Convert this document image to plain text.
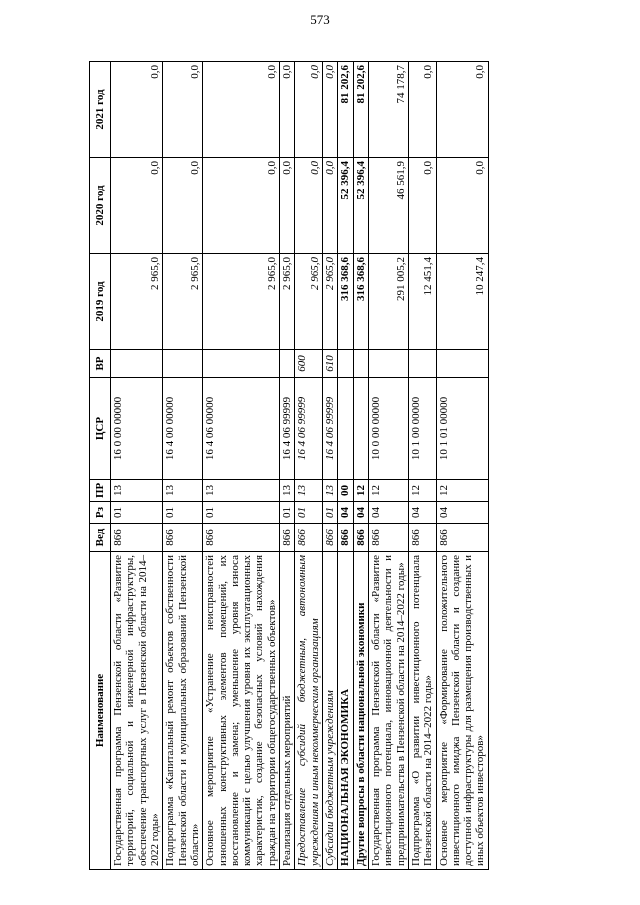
573
Наименование	Вед	Рз	ПР	ЦСР	ВР	2019 год	2020 год	2021 год
Государственная программа Пензенской области «Развитие территорий, социальной и инженерной инфраструктуры, обеспечение транспортных услуг в Пензенской области на 2014–2022 годы»	866	01	13	16 0 00 00000		2 965,0	0,0	0,0
Подпрограмма «Капитальный ремонт объектов собственности Пензенской области и муниципальных образований Пензенской области»	866	01	13	16 4 00 00000		2 965,0	0,0	0,0
Основное мероприятие «Устранение неисправностей изношенных конструктивных элементов помещений, их восстановление и замена; уменьшение уровня износа коммуникаций с целью улучшения уровня их эксплуатационных характеристик, создание безопасных условий нахождения граждан на территории общегосударственных объектов»	866	01	13	16 4 06 00000		2 965,0	0,0	0,0
Реализация отдельных мероприятий	866	01	13	16 4 06 99999		2 965,0	0,0	0,0
Предоставление субсидий бюджетным, автономным учреждениям и иным некоммерческим организациям	866	01	13	16 4 06 99999	600	2 965,0	0,0	0,0
Субсидии бюджетным учреждениям	866	01	13	16 4 06 99999	610	2 965,0	0,0	0,0
НАЦИОНАЛЬНАЯ ЭКОНОМИКА	866	04	00			316 368,6	52 396,4	81 202,6
Другие вопросы в области национальной экономики	866	04	12			316 368,6	52 396,4	81 202,6
Государственная программа Пензенской области «Развитие инвестиционного потенциала, инновационной деятельности и предпринимательства в Пензенской области на 2014–2022 годы»	866	04	12	10 0 00 00000		291 005,2	46 561,9	74 178,7
Подпрограмма «О развитии инвестиционного потенциала Пензенской области на 2014–2022 годы»	866	04	12	10 1 00 00000		12 451,4	0,0	0,0
Основное мероприятие «Формирование положительного инвестиционного имиджа Пензенской области и создание доступной инфраструктуры для размещения производственных и иных объектов инвесторов»	866	04	12	10 1 01 00000		10 247,4	0,0	0,0
